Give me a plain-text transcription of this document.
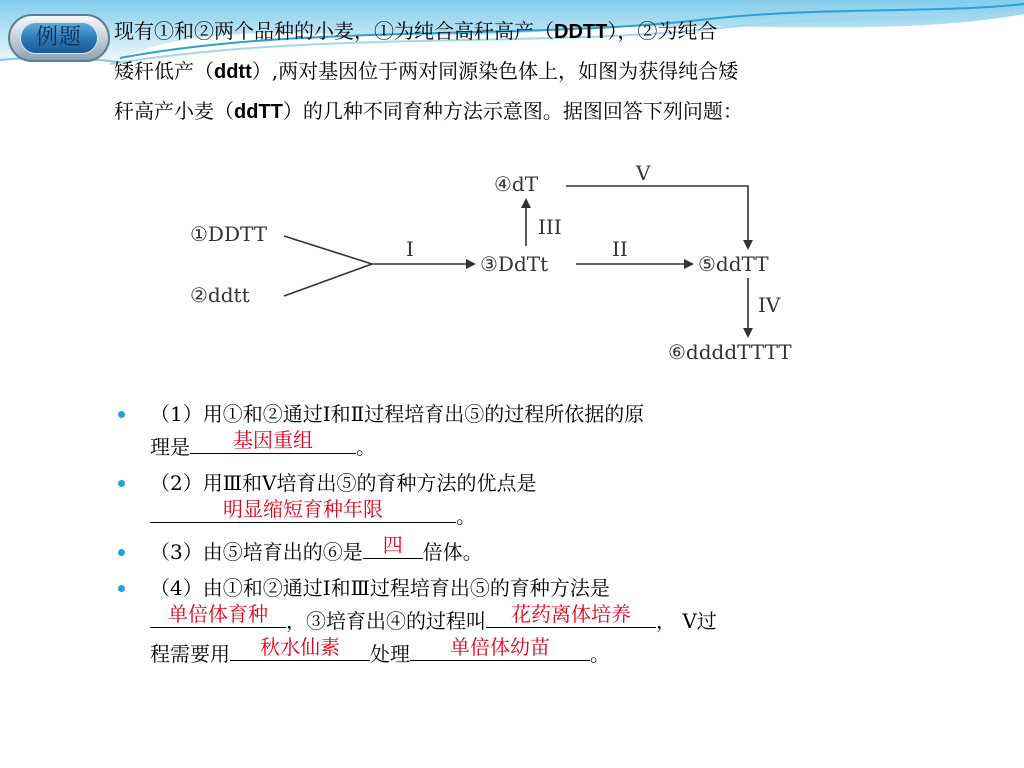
例题	现有①和②两个品种的小麦，①为纯合高秆高产（DDTT），②为纯合
矮秆低产（ddtt）,两对基因位于两对同源染色体上，如图为获得纯合矮
秆高产小麦（ddTT）的几种不同育种方法示意图。据图回答下列问题：
①DDTT
②ddtt
③DdTt
④dT
⑤ddTT
⑥ddddTTTT
I	II
III
V
IV
（1）用①和②通过Ⅰ和Ⅱ过程培育出⑤的过程所依据的原
理是	基因重组	。
（2）用Ⅲ和Ⅴ培育出⑤的育种方法的优点是
明显缩短育种年限	。
（3）由⑤培育出的⑥是	四	倍体。
（4）由①和②通过Ⅰ和Ⅲ过程培育出⑤的育种方法是
单倍体育种 ，③培育出④的过程叫	花药离体培养	， Ⅴ过
程需要用	秋水仙素	处理	单倍体幼苗	。
